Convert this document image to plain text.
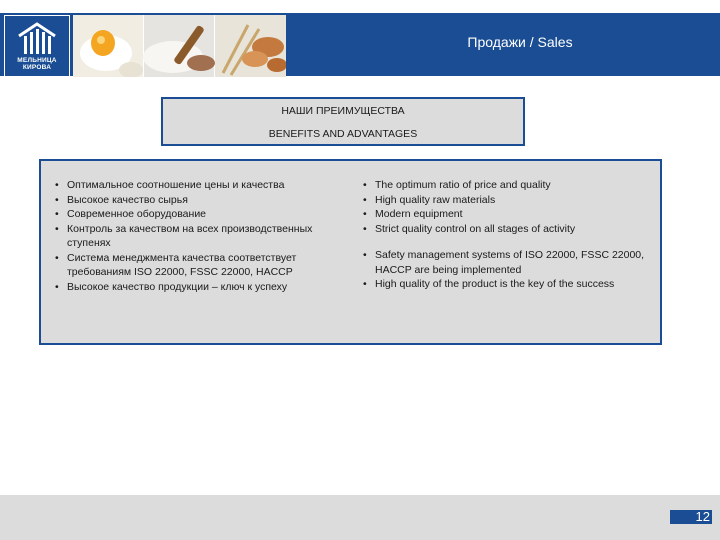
МЕЛЬНИЦА КИРОВА
Продажи / Sales
НАШИ ПРЕИМУЩЕСТВА
BENEFITS AND ADVANTAGES
• Оптимальное соотношение цены и качества
• Высокое качество сырья
• Современное оборудование
• Контроль за качеством на всех производственных ступенях
• Система менеджмента качества соответствует требованиям ISO 22000, FSSC 22000, HACCP
• Высокое качество продукции – ключ к успеху
• The optimum ratio of price and quality
• High quality raw materials
• Modern equipment
• Strict quality control on all stages of activity
• Safety management systems of ISO 22000, FSSC 22000, HACCP are being implemented
• High quality of the product is the key of the success
12
